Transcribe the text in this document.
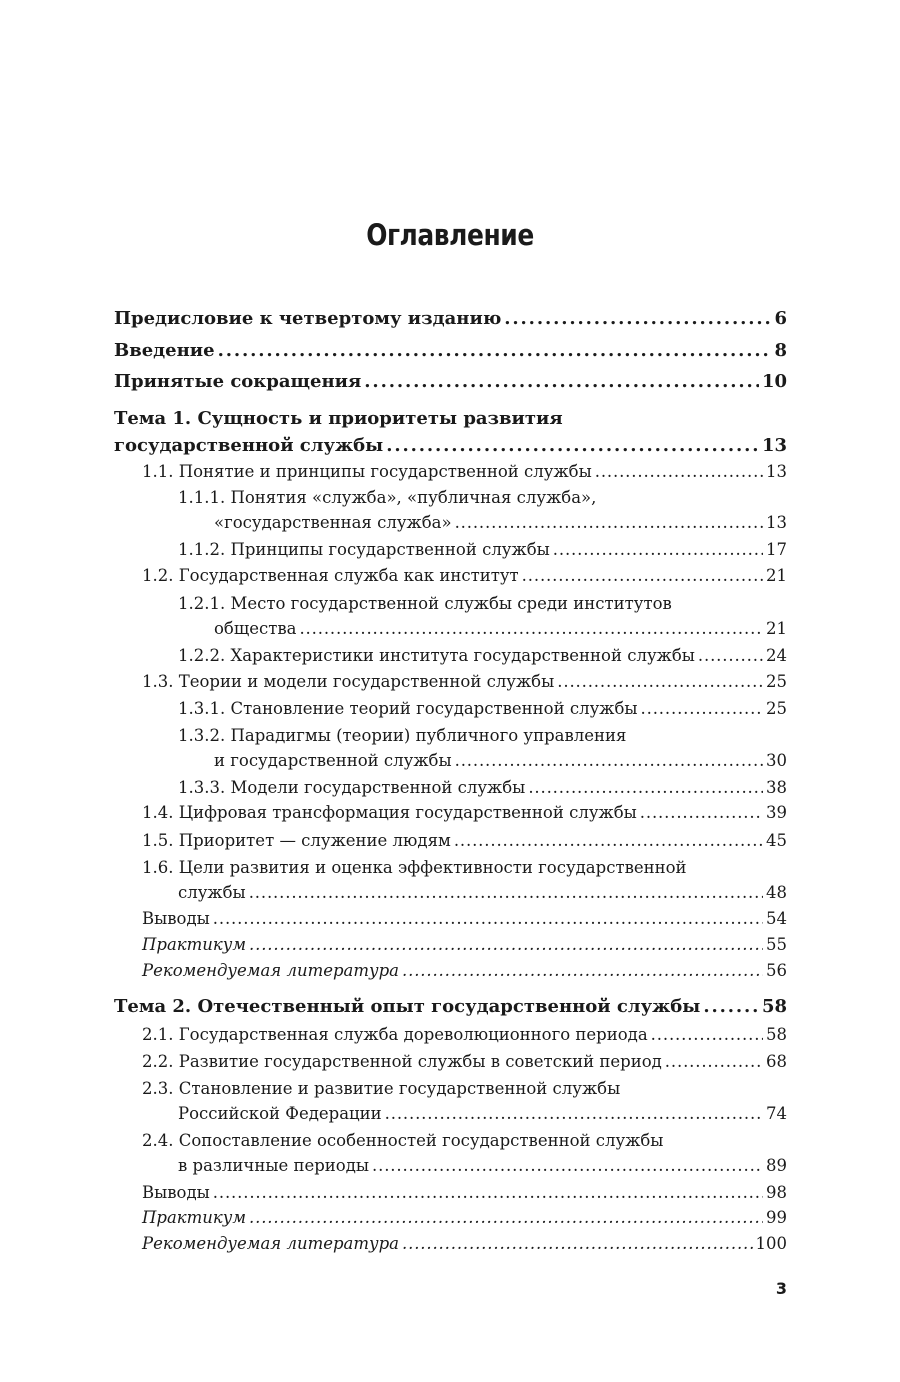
Оглавление
Предисловие к четвертому изданию . . .	6
Введение . . .	8
Принятые сокращения . . .	10
Тема 1. Сущность и приоритеты развития
государственной службы . . .	13
1.1. Понятие и принципы государственной службы . . .	13
1.1.1. Понятия «служба», «публичная служба»,
«государственная служба» . . .	13
1.1.2. Принципы государственной службы . . .	17
1.2. Государственная служба как институт . . .	21
1.2.1. Место государственной службы среди институтов
общества . . .	21
1.2.2. Характеристики института государственной службы . . .	24
1.3. Теории и модели государственной службы . . .	25
1.3.1. Становление теорий государственной службы . . .	25
1.3.2. Парадигмы (теории) публичного управления
и государственной службы . . .	30
1.3.3. Модели государственной службы . . .	38
1.4. Цифровая трансформация государственной службы . . .	39
1.5. Приоритет — служение людям . . .	45
1.6. Цели развития и оценка эффективности государственной
службы . . .	48
Выводы . . .	54
Практикум . . .	55
Рекомендуемая литература . . .	56
Тема 2. Отечественный опыт государственной службы . . .	58
2.1. Государственная служба дореволюционного периода . . .	58
2.2. Развитие государственной службы в советский период . . .	68
2.3. Становление и развитие государственной службы
Российской Федерации . . .	74
2.4. Сопоставление особенностей государственной службы
в различные периоды . . .	89
Выводы . . .	98
Практикум . . .	99
Рекомендуемая литература . . .	100
3
